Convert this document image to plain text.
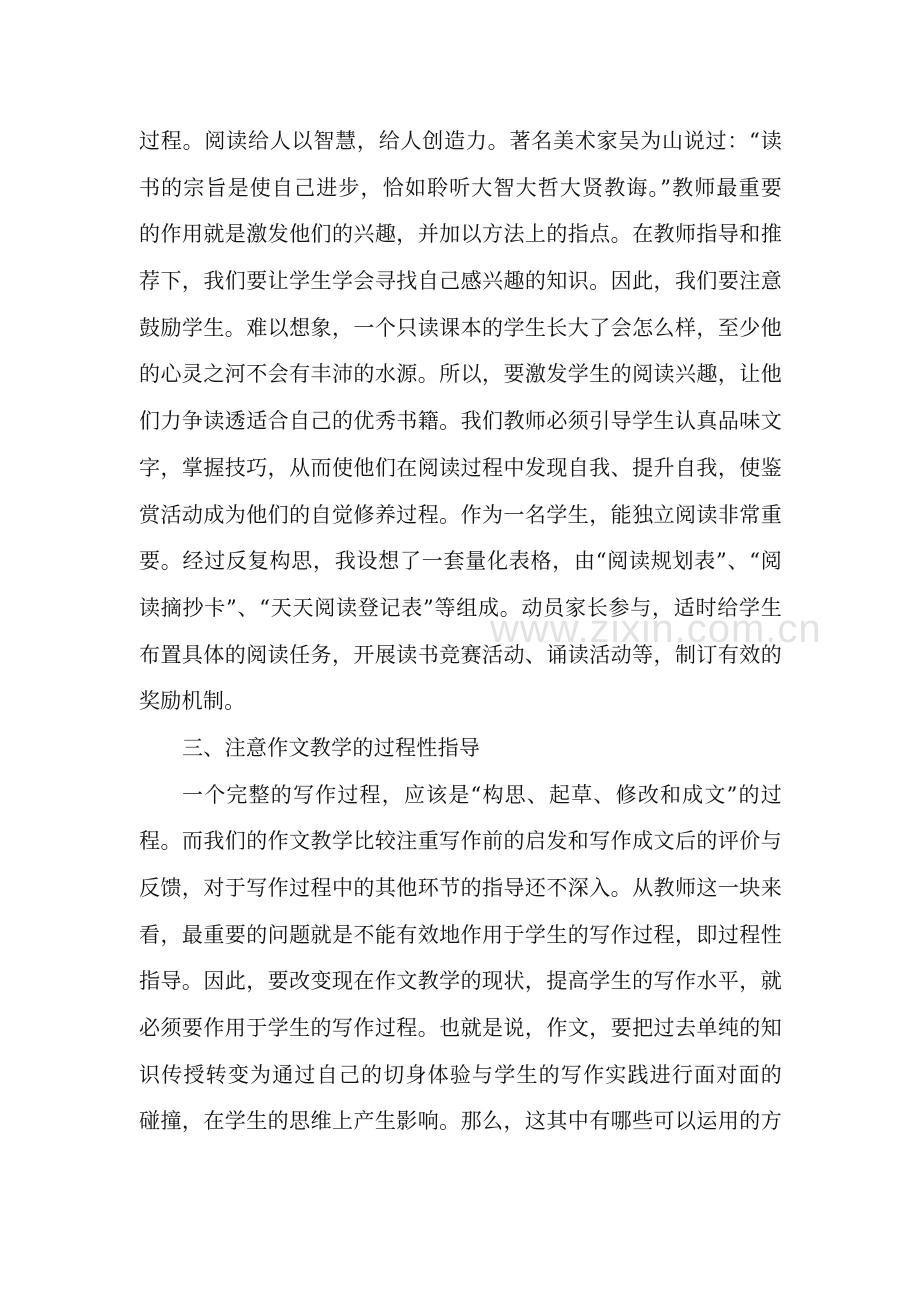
过程。阅读给人以智慧，给人创造力。著名美术家吴为山说过：“读
书的宗旨是使自己进步，恰如聆听大智大哲大贤教诲。”教师最重要
的作用就是激发他们的兴趣，并加以方法上的指点。在教师指导和推
荐下，我们要让学生学会寻找自己感兴趣的知识。因此，我们要注意
鼓励学生。难以想象，一个只读课本的学生长大了会怎么样，至少他
的心灵之河不会有丰沛的水源。所以，要激发学生的阅读兴趣，让他
们力争读透适合自己的优秀书籍。我们教师必须引导学生认真品味文
字，掌握技巧，从而使他们在阅读过程中发现自我、提升自我，使鉴
赏活动成为他们的自觉修养过程。作为一名学生，能独立阅读非常重
要。经过反复构思，我设想了一套量化表格，由“阅读规划表”、“阅
读摘抄卡”、“天天阅读登记表”等组成。动员家长参与，适时给学生
布置具体的阅读任务，开展读书竞赛活动、诵读活动等，制订有效的
奖励机制。
三、注意作文教学的过程性指导
一个完整的写作过程，应该是“构思、起草、修改和成文”的过
程。而我们的作文教学比较注重写作前的启发和写作成文后的评价与
反馈，对于写作过程中的其他环节的指导还不深入。从教师这一块来
看，最重要的问题就是不能有效地作用于学生的写作过程，即过程性
指导。因此，要改变现在作文教学的现状，提高学生的写作水平，就
必须要作用于学生的写作过程。也就是说，作文，要把过去单纯的知
识传授转变为通过自己的切身体验与学生的写作实践进行面对面的
碰撞，在学生的思维上产生影响。那么，这其中有哪些可以运用的方
www.zixin.com.cn
